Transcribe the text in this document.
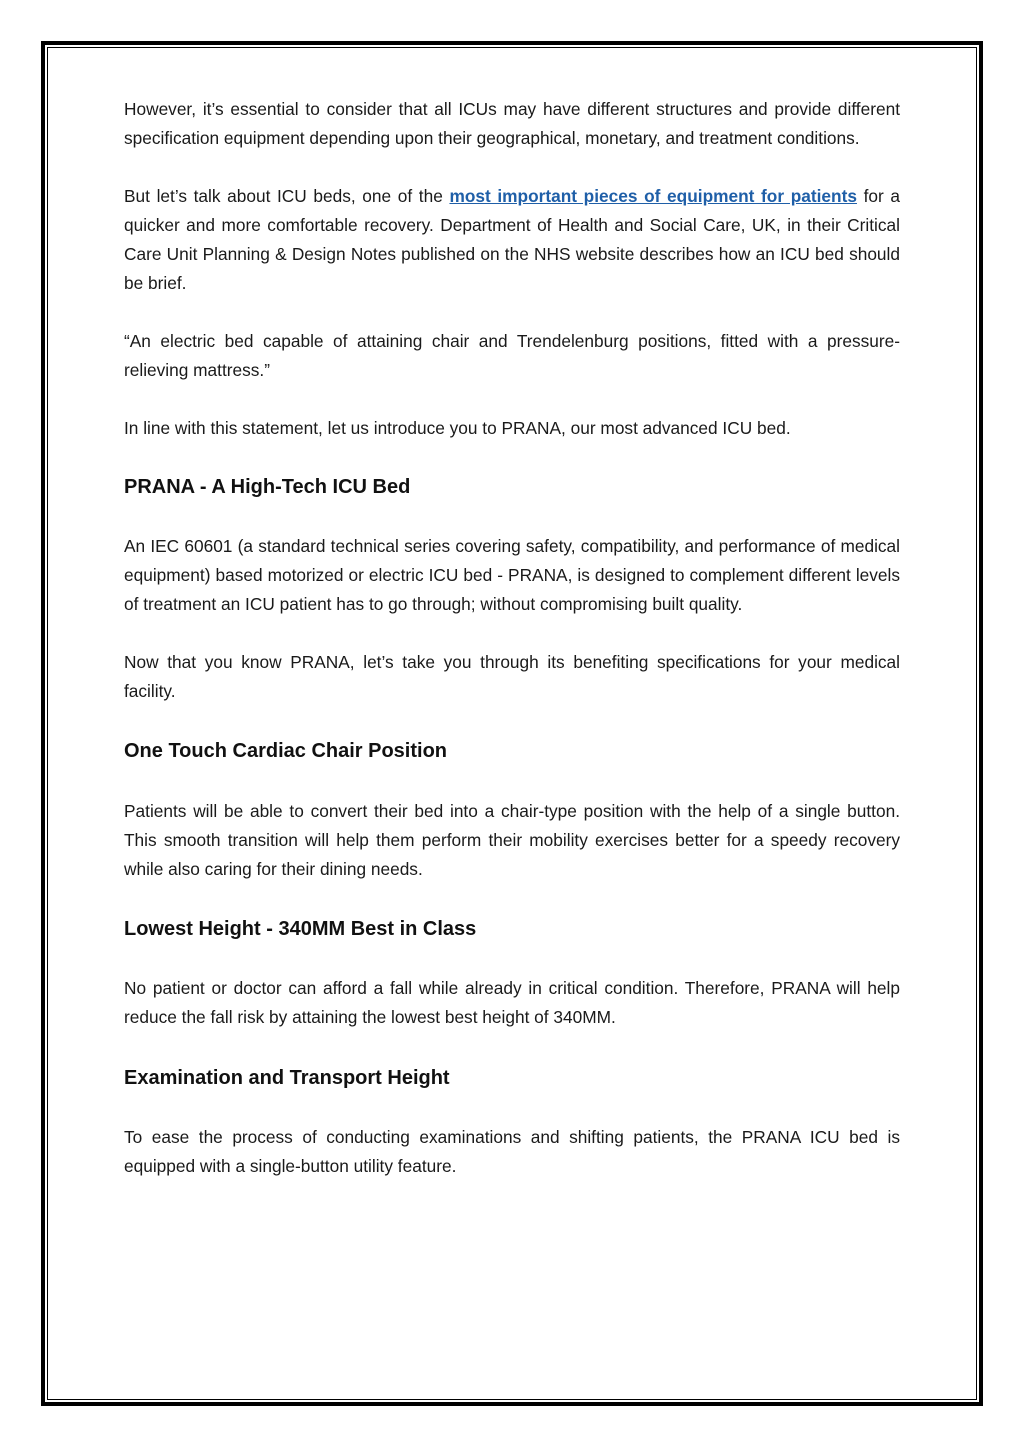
However, it’s essential to consider that all ICUs may have different structures and provide different specification equipment depending upon their geographical, monetary, and treatment conditions.

But let’s talk about ICU beds, one of the most important pieces of equipment for patients for a quicker and more comfortable recovery. Department of Health and Social Care, UK, in their Critical Care Unit Planning & Design Notes published on the NHS website describes how an ICU bed should be brief.

“An electric bed capable of attaining chair and Trendelenburg positions, fitted with a pressure-relieving mattress.”

In line with this statement, let us introduce you to PRANA, our most advanced ICU bed.

PRANA - A High-Tech ICU Bed

An IEC 60601 (a standard technical series covering safety, compatibility, and performance of medical equipment) based motorized or electric ICU bed - PRANA, is designed to complement different levels of treatment an ICU patient has to go through; without compromising built quality.

Now that you know PRANA, let’s take you through its benefiting specifications for your medical facility.

One Touch Cardiac Chair Position

Patients will be able to convert their bed into a chair-type position with the help of a single button. This smooth transition will help them perform their mobility exercises better for a speedy recovery while also caring for their dining needs.

Lowest Height - 340MM Best in Class

No patient or doctor can afford a fall while already in critical condition. Therefore, PRANA will help reduce the fall risk by attaining the lowest best height of 340MM.

Examination and Transport Height

To ease the process of conducting examinations and shifting patients, the PRANA ICU bed is equipped with a single-button utility feature.
